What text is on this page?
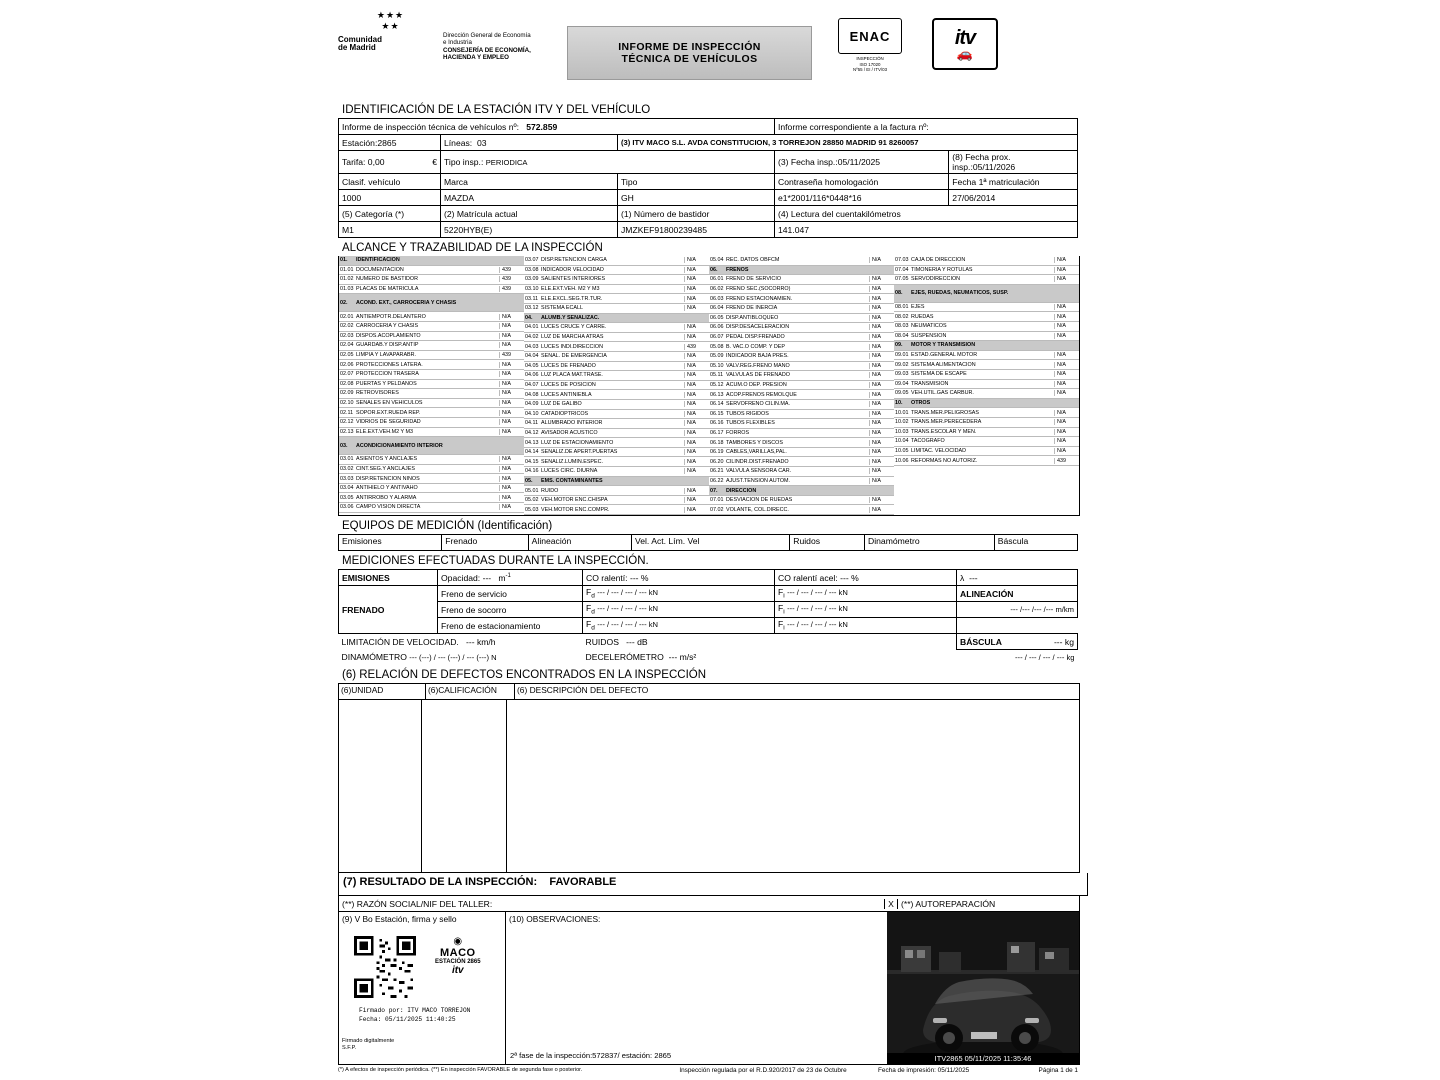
★★★
★★
Comunidad
de Madrid
Dirección General de Economía
e Industria
CONSEJERÍA DE ECONOMÍA,
HACIENDA Y EMPLEO
INFORME DE INSPECCIÓN
TÉCNICA DE VEHÍCULOS
ENAC
INSPECCIÓN
ISO 17020
Nº55 / EI / ITV/03
itv
🚗
IDENTIFICACIÓN DE LA ESTACIÓN ITV Y DEL VEHÍCULO
Informe de inspección técnica de vehículos nº: 572.859			Informe correspondiente a la factura nº:	
Estación:2865	Líneas: 03	(3) ITV MACO S.L. AVDA CONSTITUCION, 3 TORREJON 28850 MADRID 91 8260057		
Tarifa: 0,00 €	Tipo insp.: PERIODICA		(3) Fecha insp.:05/11/2025	(8) Fecha prox. insp.:05/11/2026
Clasif. vehículo	Marca	Tipo	Contraseña homologación	Fecha 1ª matriculación
1000	MAZDA	GH	e1*2001/116*0448*16	27/06/2014
(5) Categoría (*)	(2) Matrícula actual	(1) Número de bastidor	(4) Lectura del cuentakilómetros	
M1	5220HYB(E)	JMZKEF91800239485	141.047	
ALCANCE Y TRAZABILIDAD DE LA INSPECCIÓN
01.	IDENTIFICACIÓN
01.01 DOCUMENTACION	439
01.02 NUMERO DE BASTIDOR	439
01.03 PLACAS DE MATRICULA	439
02.	ACOND. EXT., CARROCERÍA Y CHASIS
02.01 ANTIEMPOTR.DELANTERO	N/A
02.02 CARROCERIA Y CHASIS	N/A
02.03 DISPOS.ACOPLAMIENTO	N/A
02.04 GUARDAB.Y DISP.ANTIP	N/A
02.05 LIMPIA Y LAVAPARABR.	439
02.06 PROTECCIONES LATERA.	N/A
02.07 PROTECCION TRASERA	N/A
02.08 PUERTAS Y PELDAÑOS	N/A
02.09 RETROVISORES	N/A
02.10 SEÑALES EN VEHICULOS	N/A
02.11 SOPOR.EXT.RUEDA REP.	N/A
02.12 VIDRIOS DE SEGURIDAD	N/A
02.13 ELE.EXT.VEH.M2 Y M3	N/A
03.	ACONDICIONAMIENTO INTERIOR
03.01 ASIENTOS Y ANCLAJES	N/A
03.02 CINT.SEG.Y ANCLAJES	N/A
03.03 DISP.RETENCION NIÑOS	N/A
03.04 ANTIHIELO Y ANTIVAHO	N/A
03.05 ANTIRROBO Y ALARMA	N/A
03.06 CAMPO VISION DIRECTA	N/A
03.07 DISP.RETENCION CARGA	N/A
03.08 INDICADOR VELOCIDAD	N/A
03.09 SALIENTES INTERIORES	N/A
03.10 ELE.EXT.VEH. M2 Y M3	N/A
03.11 ELE.EXCL.SEG.TR.TUR.	N/A
03.12 SISTEMA ECALL	N/A
04.	ALUMB.Y SEÑALIZAC.
04.01 LUCES CRUCE Y CARRE.	N/A
04.02 LUZ DE MARCHA ATRAS	N/A
04.03 LUCES INDI.DIRECCION	439
04.04 SEÑAL. DE EMERGENCIA	N/A
04.05 LUCES DE FRENADO	N/A
04.06 LUZ PLACA MAT.TRASE.	N/A
04.07 LUCES DE POSICION	N/A
04.08 LUCES ANTINIEBLA	N/A
04.09 LUZ DE GALIBO	N/A
04.10 CATADIOPTRICOS	N/A
04.11 ALUMBRADO INTERIOR	N/A
04.12 AVISADOR ACUSTICO	N/A
04.13 LUZ DE ESTACIONAMIENTO	N/A
04.14 SEÑALIZ.DE APERT.PUERTAS	N/A
04.15 SEÑALIZ.LUMIN.ESPEC.	N/A
04.16 LUCES CIRC. DIURNA	N/A
05.	EMS. CONTAMINANTES
05.01 RUIDO	N/A
05.02 VEH.MOTOR ENC.CHISPA	N/A
05.03 VEH.MOTOR ENC.COMPR.	N/A
05.04 REC. DATOS OBFCM	N/A
06.	FRENOS
06.01 FRENO DE SERVICIO	N/A
06.02 FRENO SEC.(SOCORRO)	N/A
06.03 FRENO ESTACIONAMIEN.	N/A
06.04 FRENO DE INERCIA	N/A
06.05 DISP.ANTIBLOQUEO	N/A
06.06 DISP.DESACELERACION	N/A
06.07 PEDAL DISP.FRENADO	N/A
05.08 B. VAC.O COMP. Y DEP	N/A
05.09 INDICADOR BAJA PRES.	N/A
05.10 VALV.REG.FRENO MANO	N/A
05.11 VALVULAS DE FRENADO	N/A
05.12 ACUM.O DEP. PRESION	N/A
06.13 ACOP.FRENOS REMOLQUE	N/A
06.14 SERVOFRENO CILIN.MA.	N/A
06.15 TUBOS RIGIDOS	N/A
06.16 TUBOS FLEXIBLES	N/A
06.17 FORROS	N/A
06.18 TAMBORES Y DISCOS	N/A
06.19 CABLES,VARILLAS,PAL.	N/A
06.20 CILINDR.DIST.FRENADO	N/A
06.21 VALVULA SENSORA CAR.	N/A
06.22 AJUST.TENSION AUTOM.	N/A
07.	DIRECCIÓN
07.01 DESVIACION DE RUEDAS	N/A
07.02 VOLANTE, COL.DIRECC.	N/A
07.03 CAJA DE DIRECCION	N/A
07.04 TIMONERIA Y ROTULAS	N/A
07.05 SERVODIRECCION	N/A
08.	EJES, RUEDAS, NEUMÁTICOS, SUSP.
08.01 EJES	N/A
08.02 RUEDAS	N/A
08.03 NEUMATICOS	N/A
08.04 SUSPENSION	N/A
09.	MOTOR Y TRANSMISIÓN
09.01 ESTAD.GENERAL MOTOR	N/A
09.02 SISTEMA ALIMENTACION	N/A
09.03 SISTEMA DE ESCAPE	N/A
09.04 TRANSMISION	N/A
09.05 VEH.UTIL.GAS CARBUR.	N/A
10.	OTROS
10.01 TRANS.MER.PELIGROSAS	N/A
10.02 TRANS.MER.PERECEDERA	N/A
10.03 TRANS.ESCOLAR Y MEN.	N/A
10.04 TACOGRAFO	N/A
10.05 LIMITAC. VELOCIDAD	N/A
10.06 REFORMAS NO AUTORIZ.	439
EQUIPOS DE MEDICIÓN (Identificación)
Emisiones	Frenado	Alineación	Vel. Act. Lím. Vel	Ruidos	Dinamómetro	Báscula
MEDICIONES EFECTUADAS DURANTE LA INSPECCIÓN.
EMISIONES	Opacidad: --- $m^{-1}$	CO ralentí: --- %	CO ralentí acel: --- %	λ ---
FRENADO	Freno de servicio	$F_d$ --- / --- / --- / --- kN	$F_i$ --- / --- / --- / --- kN	ALINEACIÓN
	Freno de socorro	$F_d$ --- / --- / --- / --- kN	$F_i$ --- / --- / --- / --- kN	--- /--- /--- /--- m/km
	Freno de estacionamiento	$F_d$ --- / --- / --- / --- kN	$F_i$ --- / --- / --- / --- kN	
LIMITACIÓN DE VELOCIDAD. --- km/h		RUIDOS --- dB		BÁSCULA --- kg

DINAMÓMETRO --- (---) / --- (---) / --- (---) N		DECELERÓMETRO --- m/s²		--- / --- / --- / --- kg
(6) RELACIÓN DE DEFECTOS ENCONTRADOS EN LA INSPECCIÓN
(6)UNIDAD	(6)CALIFICACIÓN	(6) DESCRIPCIÓN DEL DEFECTO
(7) RESULTADO DE LA INSPECCIÓN: FAVORABLE
(**) RAZÓN SOCIAL/NIF DEL TALLER:	X (**) AUTOREPARACIÓN
(9) V Bo Estación, firma y sello
◉
MACO
ESTACIÓN 2865
itv
Firmado por: ITV MACO TORREJON
Fecha: 05/11/2025 11:40:25
Firmado digitalmente
S.F.P.
(10) OBSERVACIONES:
2ª fase de la inspección:572837/ estación: 2865	ITV2865 05/11/2025 11:35:46
(*) A efectos de inspección periódica. (**) En inspección FAVORABLE de segunda fase o posterior.	Inspección regulada por el R.D.920/2017 de 23 de Octubre	Fecha de impresión: 05/11/2025	Página 1 de 1
